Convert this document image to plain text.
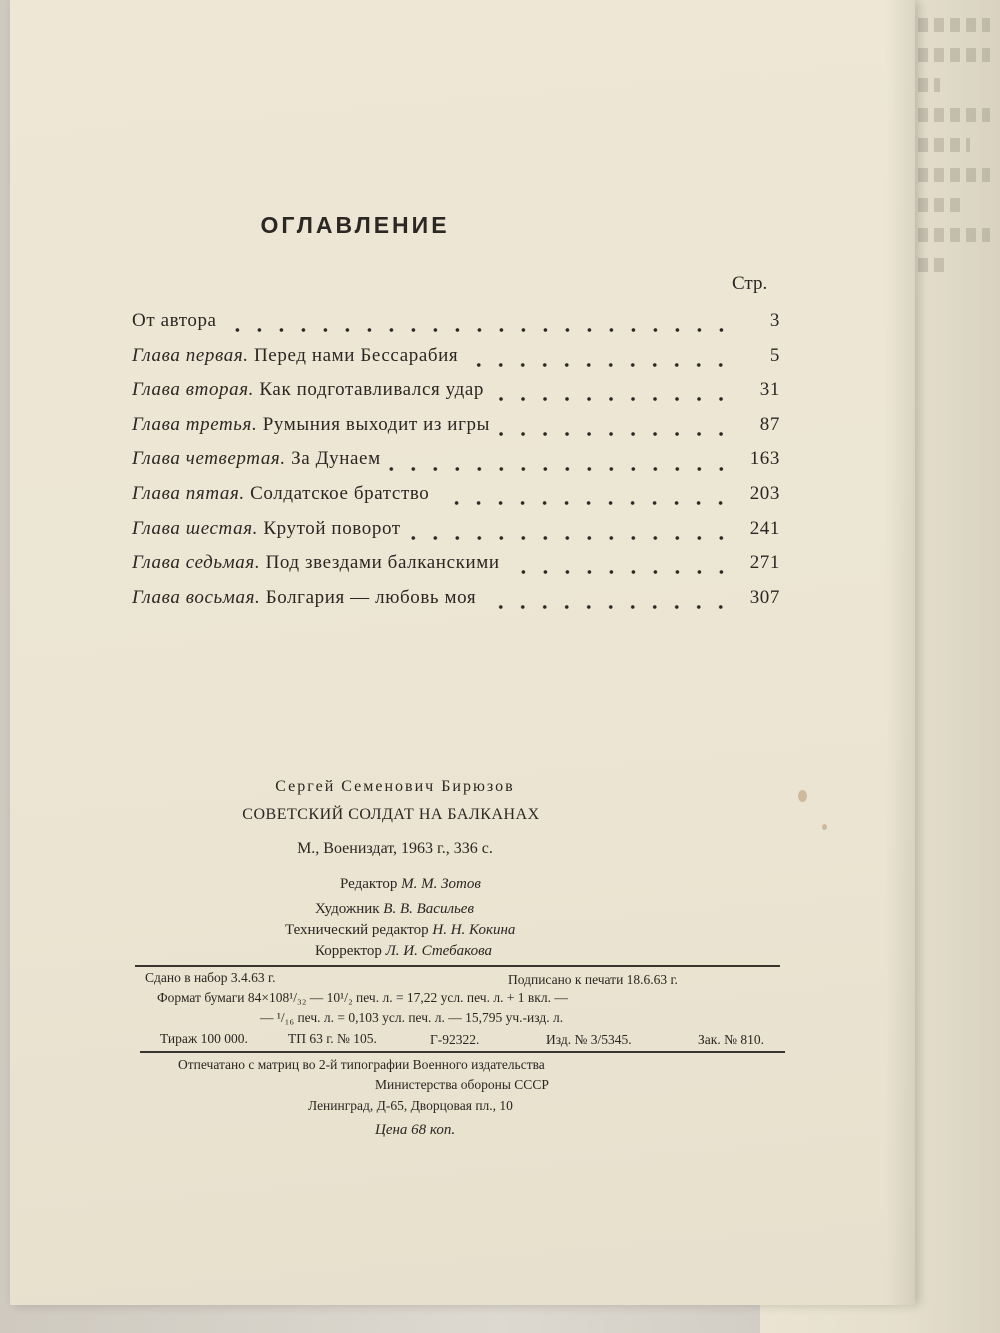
ОГЛАВЛЕНИЕ
Стр.
От автора	3
Глава первая. Перед нами Бессарабия	5
Глава вторая. Как подготавливался удар	31
Глава третья. Румыния выходит из игры	87
Глава четвертая. За Дунаем	163
Глава пятая. Солдатское братство	203
Глава шестая. Крутой поворот	241
Глава седьмая. Под звездами балканскими	271
Глава восьмая. Болгария — любовь моя	307
Сергей Семенович Бирюзов
СОВЕТСКИЙ СОЛДАТ НА БАЛКАНАХ
М., Воениздат, 1963 г., 336 с.
Редактор М. М. Зотов
Художник В. В. Васильев
Технический редактор Н. Н. Кокина
Корректор Л. И. Стебакова
Сдано в набор 3.4.63 г.	Подписано к печати 18.6.63 г.
Формат бумаги 84×108¹/₃₂ — 10¹/₂ печ. л. = 17,22 усл. печ. л. + 1 вкл. —
— ¹/₁₆ печ. л. = 0,103 усл. печ. л. — 15,795 уч.-изд. л.
Тираж 100 000.	ТП 63 г. № 105.	Г-92322.	Изд. № 3/5345.	Зак. № 810.
Отпечатано с матриц во 2-й типографии Военного издательства
Министерства обороны СССР
Ленинград, Д-65, Дворцовая пл., 10
Цена 68 коп.
